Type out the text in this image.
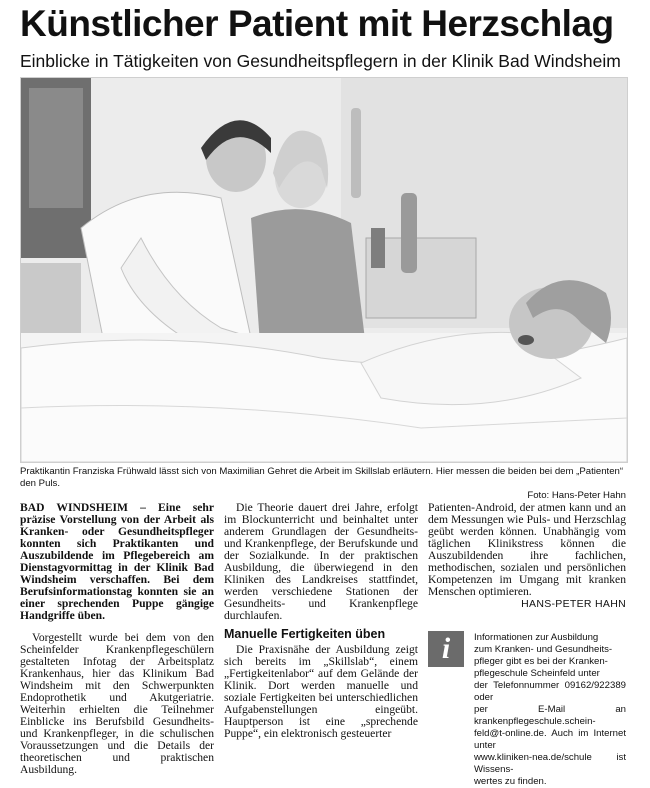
Künstlicher Patient mit Herzschlag
Einblicke in Tätigkeiten von Gesundheitspflegern in der Klinik Bad Windsheim
Praktikantin Franziska Frühwald lässt sich von Maximilian Gehret die Arbeit im Skillslab erläutern. Hier messen die beiden bei dem „Patienten“ den Puls.
Foto: Hans-Peter Hahn

BAD WINDSHEIM – Eine sehr präzise Vorstellung von der Arbeit als Kranken- oder Gesundheitspfleger konnten sich Praktikanten und Auszubildende im Pflegebereich am Dienstagvormittag in der Klinik Bad Windsheim verschaffen. Bei dem Berufsinformationstag konnten sie an einer sprechenden Puppe gängige Handgriffe üben.

Vorgestellt wurde bei dem von den Scheinfelder Krankenpflegeschülern gestalteten Infotag der Arbeitsplatz Krankenhaus, hier das Klinikum Bad Windsheim mit den Schwerpunkten Endoprothetik und Akutgeriatrie. Weiterhin erhielten die Teilnehmer Einblicke ins Berufsbild Gesundheits- und Krankenpfleger, in die schulischen Voraussetzungen und die Details der theoretischen und praktischen Ausbildung.

Die Theorie dauert drei Jahre, erfolgt im Blockunterricht und beinhaltet unter anderem Grundlagen der Gesundheits- und Krankenpflege, der Berufskunde und der Sozialkunde. In der praktischen Ausbildung, die überwiegend in den Kliniken des Landkreises stattfindet, werden verschiedene Stationen der Gesundheits- und Krankenpflege durchlaufen.

Manuelle Fertigkeiten üben

Die Praxisnähe der Ausbildung zeigt sich bereits im „Skillslab“, einem „Fertigkeitenlabor“ auf dem Gelände der Klinik. Dort werden manuelle und soziale Fertigkeiten bei unterschiedlichen Aufgabenstellungen eingeübt. Hauptperson ist eine „sprechende Puppe“, ein elektronisch gesteuerter

Patienten-Android, der atmen kann und an dem Messungen wie Puls- und Herzschlag geübt werden können. Unabhängig vom täglichen Klinikstress können die Auszubildenden ihre fachlichen, methodischen, sozialen und persönlichen Kompetenzen im Umgang mit kranken Menschen optimieren.

HANS-PETER HAHN
i	Informationen zur Ausbildung
zum Kranken- und Gesundheits-
pfleger gibt es bei der Kranken-
pflegeschule Scheinfeld unter
der Telefonnummer 09162/922389 oder
per E-Mail an krankenpflegeschule.schein-
feld@t-online.de. Auch im Internet unter
www.kliniken-nea.de/schule ist Wissens-
wertes zu finden.
